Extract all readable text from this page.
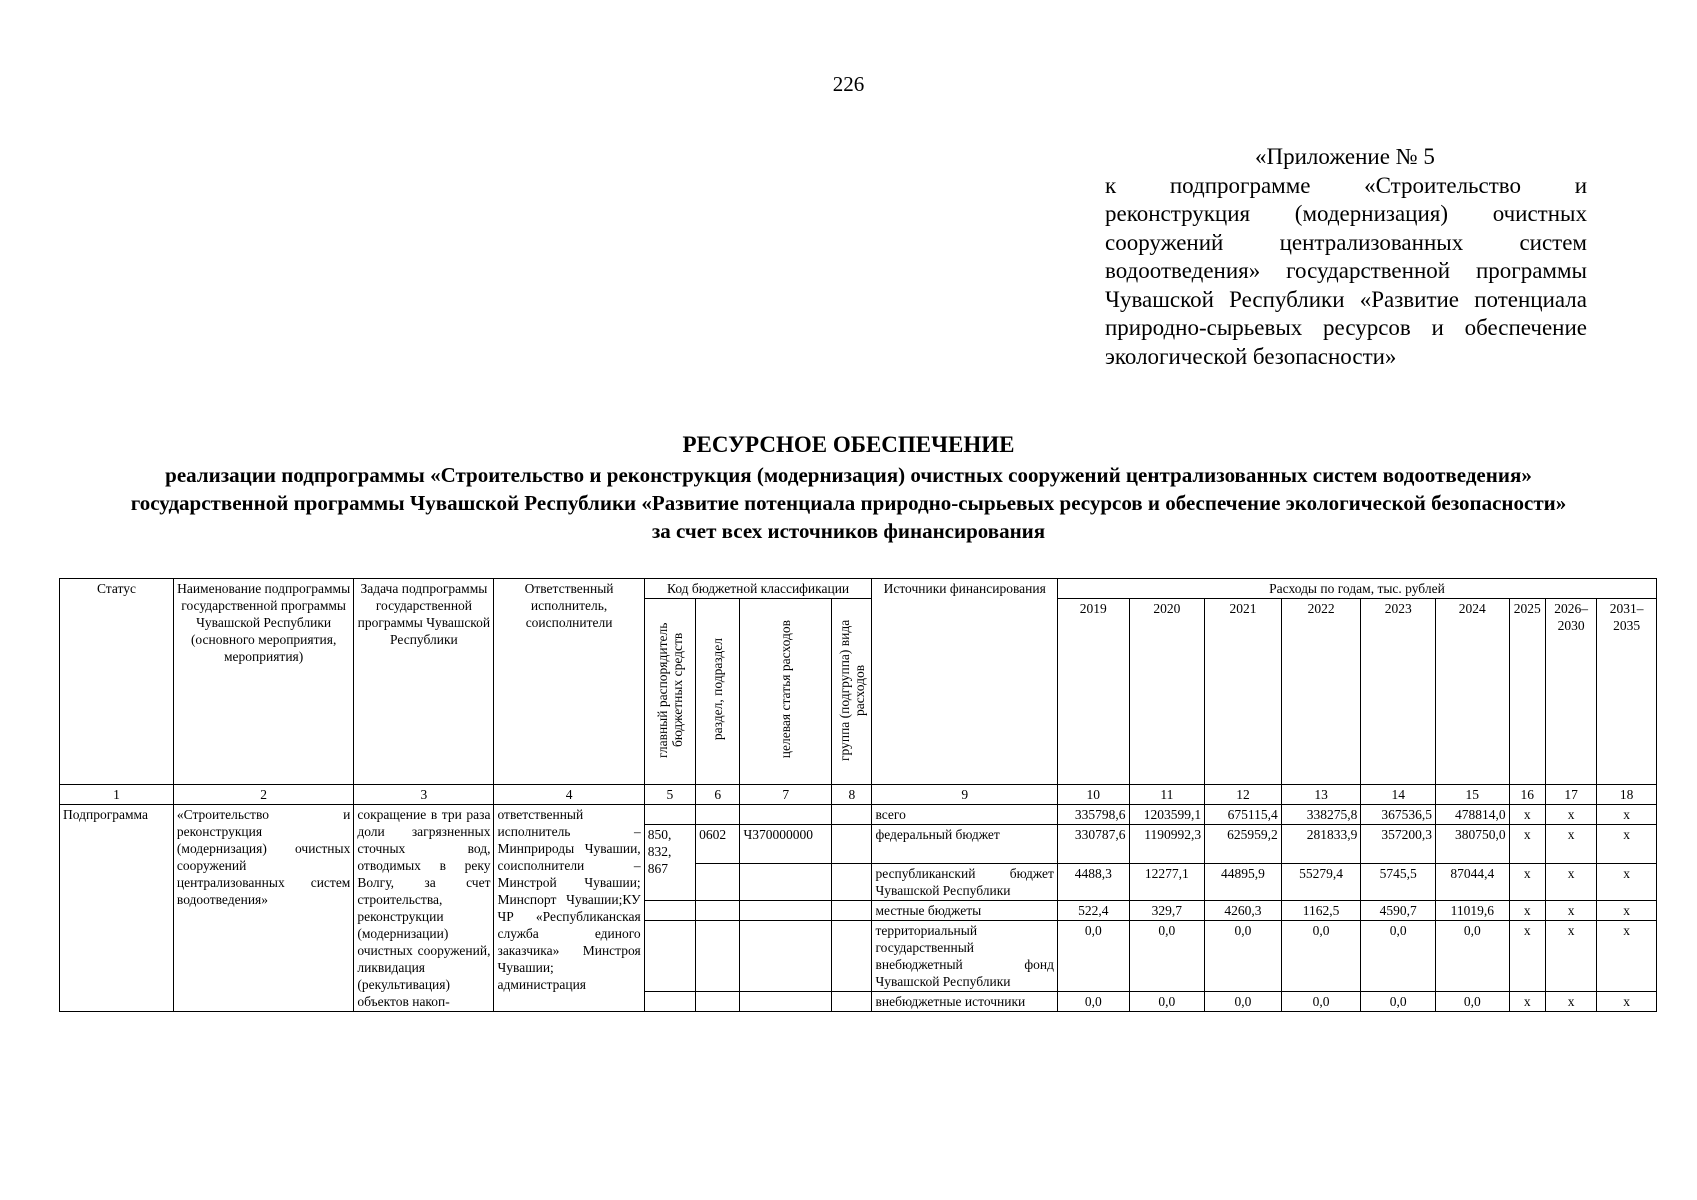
226
«Приложение № 5
к подпрограмме «Строительство и реконструкция (модернизация) очистных сооружений централизованных систем водоотведения» государственной программы Чувашской Республики «Развитие потенциала природно-сырьевых ресурсов и обеспечение экологической безопасности»
РЕСУРСНОЕ ОБЕСПЕЧЕНИЕ
реализации подпрограммы «Строительство и реконструкция (модернизация) очистных сооружений централизованных систем водоотведения» государственной программы Чувашской Республики «Развитие потенциала природно-сырьевых ресурсов и обеспечение экологической безопасности» за счет всех источников финансирования
Статус	Наименование подпрограммы государственной программы Чувашской Республики (основного мероприятия, мероприятия)	Задача подпрограммы государственной программы Чувашской Республики	Ответственный исполнитель, соисполнители	Код бюджетной классификации				Источники финансирования	Расходы по годам, тыс. рублей								
				главный распорядитель бюджетных средств	раздел, подраздел	целевая статья расходов	группа (подгруппа) вида расходов		2019	2020	2021	2022	2023	2024	2025	2026–2030	2031–2035
1	2	3	4	5	6	7	8	9	10	11	12	13	14	15	16	17	18
Подпрограмма	«Строительство и реконструкция (модернизация) очистных сооружений централизованных систем водоотведения»	сокращение в три раза доли загрязненных сточных вод, отводимых в реку Волгу, за счет строительства, реконструкции (модернизации) очистных сооружений, ликвидация (рекультивация) объектов накоп-	ответственный исполнитель – Минприроды Чувашии, соисполнители – Минстрой Чувашии; Минспорт Чувашии;КУ ЧР «Республиканская служба единого заказчика» Минстроя Чувашии; администрация					всего	335798,6	1203599,1	675115,4	338275,8	367536,5	478814,0	x	x	x
				850, 832, 867	0602	Ч370000000		федеральный бюджет	330787,6	1190992,3	625959,2	281833,9	357200,3	380750,0	x	x	x
								республиканский бюджет Чувашской Республики	4488,3	12277,1	44895,9	55279,4	5745,5	87044,4	x	x	x
								местные бюджеты	522,4	329,7	4260,3	1162,5	4590,7	11019,6	x	x	x
								территориальный государственный внебюджетный фонд Чувашской Республики	0,0	0,0	0,0	0,0	0,0	0,0	x	x	x
								внебюджетные источники	0,0	0,0	0,0	0,0	0,0	0,0	x	x	x
